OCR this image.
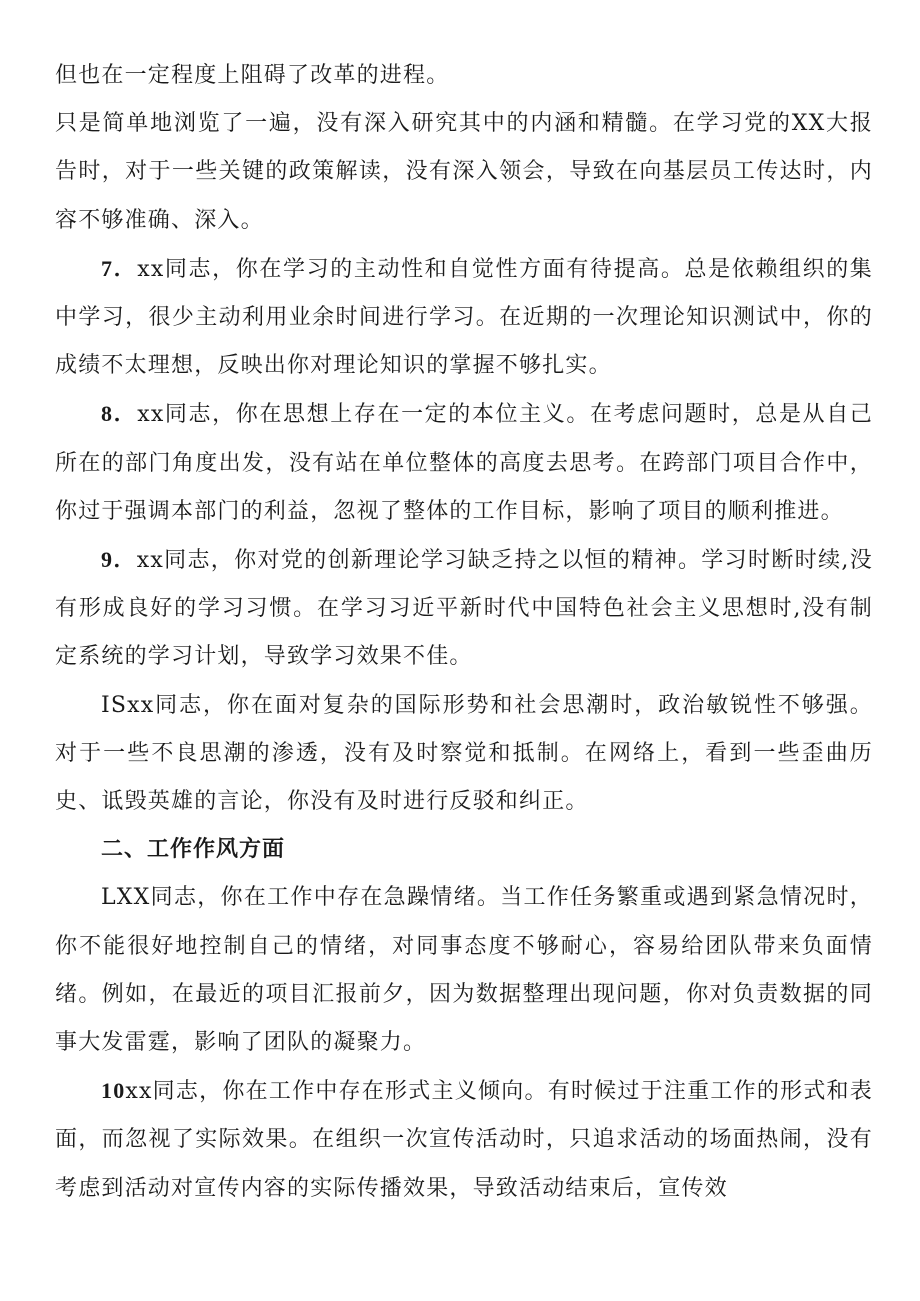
但也在一定程度上阻碍了改革的进程。

只是简单地浏览了一遍，没有深入研究其中的内涵和精髓。在学习党的XX大报告时，对于一些关键的政策解读，没有深入领会，导致在向基层员工传达时，内容不够准确、深入。

7．xx同志，你在学习的主动性和自觉性方面有待提高。总是依赖组织的集中学习，很少主动利用业余时间进行学习。在近期的一次理论知识测试中，你的成绩不太理想，反映出你对理论知识的掌握不够扎实。

8．xx同志，你在思想上存在一定的本位主义。在考虑问题时，总是从自己所在的部门角度出发，没有站在单位整体的高度去思考。在跨部门项目合作中，你过于强调本部门的利益，忽视了整体的工作目标，影响了项目的顺利推进。

9．xx同志，你对党的创新理论学习缺乏持之以恒的精神。学习时断时续,没有形成良好的学习习惯。在学习习近平新时代中国特色社会主义思想时,没有制定系统的学习计划，导致学习效果不佳。

ISxx同志，你在面对复杂的国际形势和社会思潮时，政治敏锐性不够强。对于一些不良思潮的渗透，没有及时察觉和抵制。在网络上，看到一些歪曲历史、诋毁英雄的言论，你没有及时进行反驳和纠正。

二、工作作风方面

LXX同志，你在工作中存在急躁情绪。当工作任务繁重或遇到紧急情况时，你不能很好地控制自己的情绪，对同事态度不够耐心，容易给团队带来负面情绪。例如，在最近的项目汇报前夕，因为数据整理出现问题，你对负责数据的同事大发雷霆，影响了团队的凝聚力。

10xx同志，你在工作中存在形式主义倾向。有时候过于注重工作的形式和表面，而忽视了实际效果。在组织一次宣传活动时，只追求活动的场面热闹，没有考虑到活动对宣传内容的实际传播效果，导致活动结束后，宣传效
